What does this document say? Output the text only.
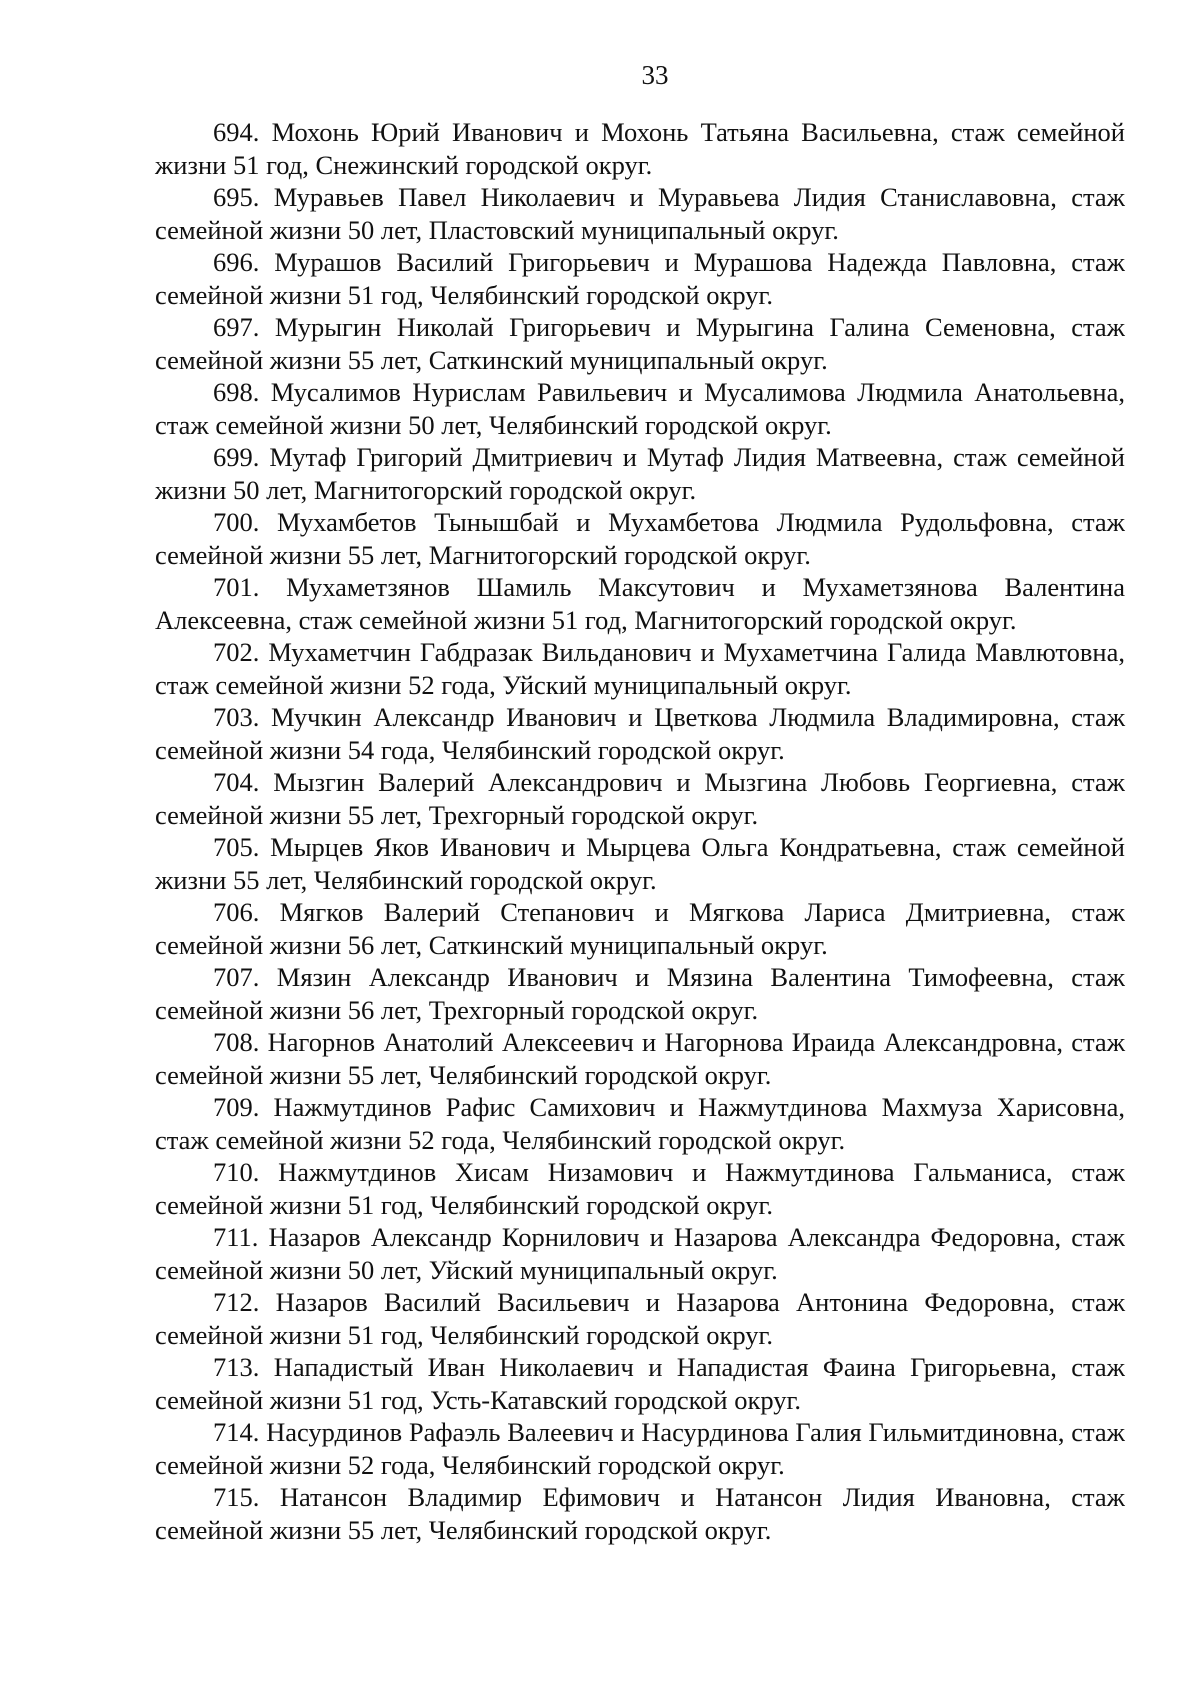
33

694. Мохонь Юрий Иванович и Мохонь Татьяна Васильевна, стаж семейной жизни 51 год, Снежинский городской округ.

695. Муравьев Павел Николаевич и Муравьева Лидия Станиславовна, стаж семейной жизни 50 лет, Пластовский муниципальный округ.

696. Мурашов Василий Григорьевич и Мурашова Надежда Павловна, стаж семейной жизни 51 год, Челябинский городской округ.

697. Мурыгин Николай Григорьевич и Мурыгина Галина Семеновна, стаж семейной жизни 55 лет, Саткинский муниципальный округ.

698. Мусалимов Нурислам Равильевич и Мусалимова Людмила Анатольевна, стаж семейной жизни 50 лет, Челябинский городской округ.

699. Мутаф Григорий Дмитриевич и Мутаф Лидия Матвеевна, стаж семейной жизни 50 лет, Магнитогорский городской округ.

700. Мухамбетов Тынышбай и Мухамбетова Людмила Рудольфовна, стаж семейной жизни 55 лет, Магнитогорский городской округ.

701. Мухаметзянов Шамиль Максутович и Мухаметзянова Валентина Алексеевна, стаж семейной жизни 51 год, Магнитогорский городской округ.

702. Мухаметчин Габдразак Вильданович и Мухаметчина Галида Мавлютовна, стаж семейной жизни 52 года, Уйский муниципальный округ.

703. Мучкин Александр Иванович и Цветкова Людмила Владимировна, стаж семейной жизни 54 года, Челябинский городской округ.

704. Мызгин Валерий Александрович и Мызгина Любовь Георгиевна, стаж семейной жизни 55 лет, Трехгорный городской округ.

705. Мырцев Яков Иванович и Мырцева Ольга Кондратьевна, стаж семейной жизни 55 лет, Челябинский городской округ.

706. Мягков Валерий Степанович и Мягкова Лариса Дмитриевна, стаж семейной жизни 56 лет, Саткинский муниципальный округ.

707. Мязин Александр Иванович и Мязина Валентина Тимофеевна, стаж семейной жизни 56 лет, Трехгорный городской округ.

708. Нагорнов Анатолий Алексеевич и Нагорнова Ираида Александровна, стаж семейной жизни 55 лет, Челябинский городской округ.

709. Нажмутдинов Рафис Самихович и Нажмутдинова Махмуза Харисовна, стаж семейной жизни 52 года, Челябинский городской округ.

710. Нажмутдинов Хисам Низамович и Нажмутдинова Гальманиса, стаж семейной жизни 51 год, Челябинский городской округ.

711. Назаров Александр Корнилович и Назарова Александра Федоровна, стаж семейной жизни 50 лет, Уйский муниципальный округ.

712. Назаров Василий Васильевич и Назарова Антонина Федоровна, стаж семейной жизни 51 год, Челябинский городской округ.

713. Нападистый Иван Николаевич и Нападистая Фаина Григорьевна, стаж семейной жизни 51 год, Усть-Катавский городской округ.

714. Насурдинов Рафаэль Валеевич и Насурдинова Галия Гильмитдиновна, стаж семейной жизни 52 года, Челябинский городской округ.

715. Натансон Владимир Ефимович и Натансон Лидия Ивановна, стаж семейной жизни 55 лет, Челябинский городской округ.
